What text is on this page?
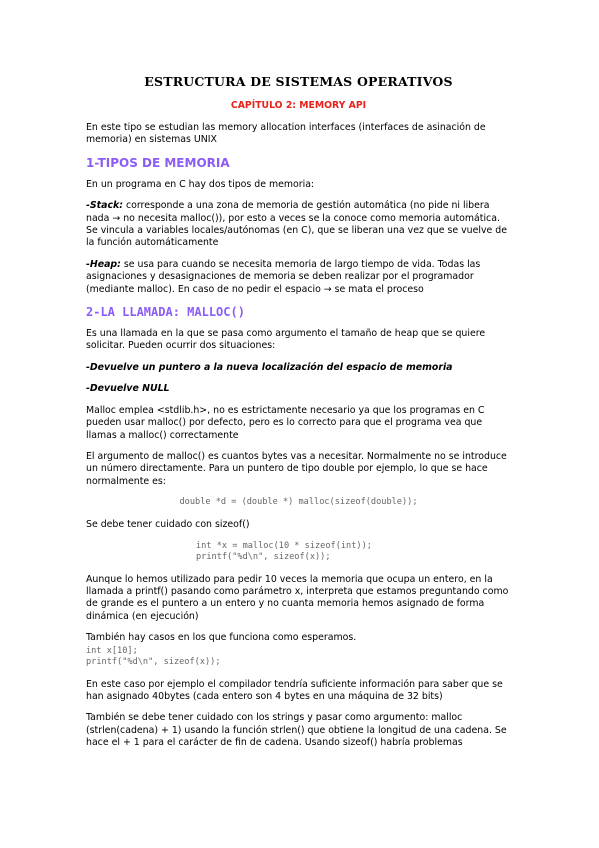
ESTRUCTURA DE SISTEMAS OPERATIVOS
CAPÍTULO 2: MEMORY API

En este tipo se estudian las memory allocation interfaces (interfaces de asinación de memoria) en sistemas UNIX

1-TIPOS DE MEMORIA

En un programa en C hay dos tipos de memoria:

-Stack: corresponde a una zona de memoria de gestión automática (no pide ni libera nada → no necesita malloc()), por esto a veces se la conoce como memoria automática. Se vincula a variables locales/autónomas (en C), que se liberan una vez que se vuelve de la función automáticamente

-Heap: se usa para cuando se necesita memoria de largo tiempo de vida. Todas las asignaciones y desasignaciones de memoria se deben realizar por el programador (mediante malloc). En caso de no pedir el espacio → se mata el proceso

2-LA LLAMADA: MALLOC()

Es una llamada en la que se pasa como argumento el tamaño de heap que se quiere solicitar. Pueden ocurrir dos situaciones:

-Devuelve un puntero a la nueva localización del espacio de memoria

-Devuelve NULL

Malloc emplea <stdlib.h>, no es estrictamente necesario ya que los programas en C pueden usar malloc() por defecto, pero es lo correcto para que el programa vea que llamas a malloc() correctamente

El argumento de malloc() es cuantos bytes vas a necesitar. Normalmente no se introduce un número directamente. Para un puntero de tipo double por ejemplo, lo que se hace normalmente es:

double *d = (double *) malloc(sizeof(double));

Se debe tener cuidado con sizeof()

int *x = malloc(10 * sizeof(int));
printf("%d\n", sizeof(x));

Aunque lo hemos utilizado para pedir 10 veces la memoria que ocupa un entero, en la llamada a printf() pasando como parámetro x, interpreta que estamos preguntando como de grande es el puntero a un entero y no cuanta memoria hemos asignado de forma dinámica (en ejecución)

También hay casos en los que funciona como esperamos.

int x[10];
printf("%d\n", sizeof(x));

En este caso por ejemplo el compilador tendría suficiente información para saber que se han asignado 40bytes (cada entero son 4 bytes en una máquina de 32 bits)

También se debe tener cuidado con los strings y pasar como argumento: malloc (strlen(cadena) + 1) usando la función strlen() que obtiene la longitud de una cadena. Se hace el + 1 para el carácter de fin de cadena. Usando sizeof() habría problemas
